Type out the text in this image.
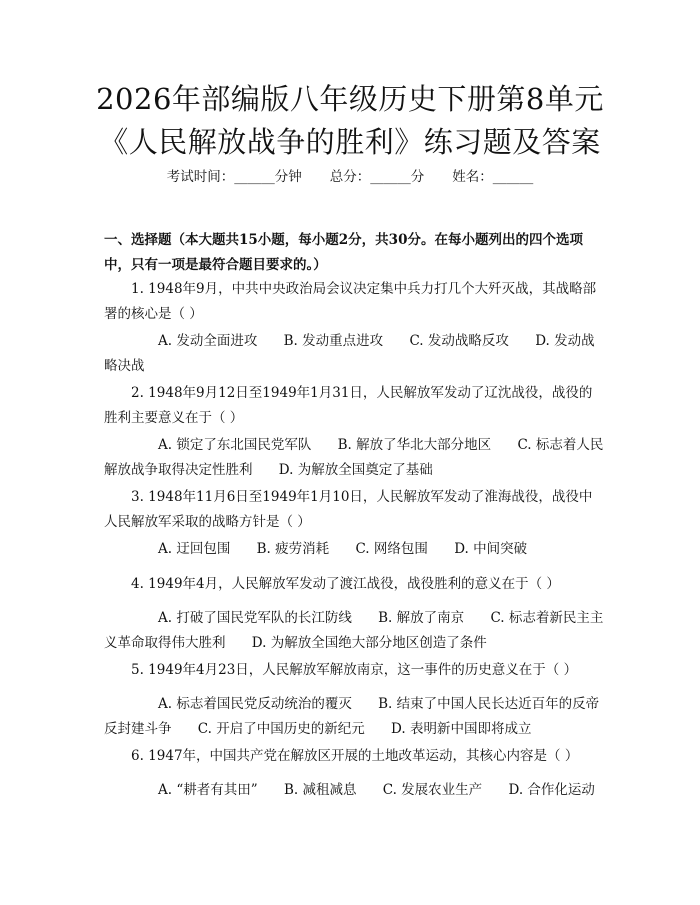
2026年部编版八年级历史下册第8单元《人民解放战争的胜利》练习题及答案
考试时间：______分钟 总分：______分 姓名：______
一、选择题（本大题共15小题，每小题2分，共30分。在每小题列出的四个选项中，只有一项是最符合题目要求的。）
1. 1948年9月，中共中央政治局会议决定集中兵力打几个大歼灭战，其战略部署的核心是（ ）
A. 发动全面进攻 B. 发动重点进攻 C. 发动战略反攻 D. 发动战略决战
2. 1948年9月12日至1949年1月31日，人民解放军发动了辽沈战役，战役的胜利主要意义在于（ ）
A. 锁定了东北国民党军队 B. 解放了华北大部分地区 C. 标志着人民解放战争取得决定性胜利 D. 为解放全国奠定了基础
3. 1948年11月6日至1949年1月10日，人民解放军发动了淮海战役，战役中人民解放军采取的战略方针是（ ）
A. 迂回包围 B. 疲劳消耗 C. 网络包围 D. 中间突破
4. 1949年4月，人民解放军发动了渡江战役，战役胜利的意义在于（ ）
A. 打破了国民党军队的长江防线 B. 解放了南京 C. 标志着新民主主义革命取得伟大胜利 D. 为解放全国绝大部分地区创造了条件
5. 1949年4月23日，人民解放军解放南京，这一事件的历史意义在于（ ）
A. 标志着国民党反动统治的覆灭 B. 结束了中国人民长达近百年的反帝反封建斗争 C. 开启了中国历史的新纪元 D. 表明新中国即将成立
6. 1947年，中国共产党在解放区开展的土地改革运动，其核心内容是（ ）
A. “耕者有其田” B. 减租减息 C. 发展农业生产 D. 合作化运动
